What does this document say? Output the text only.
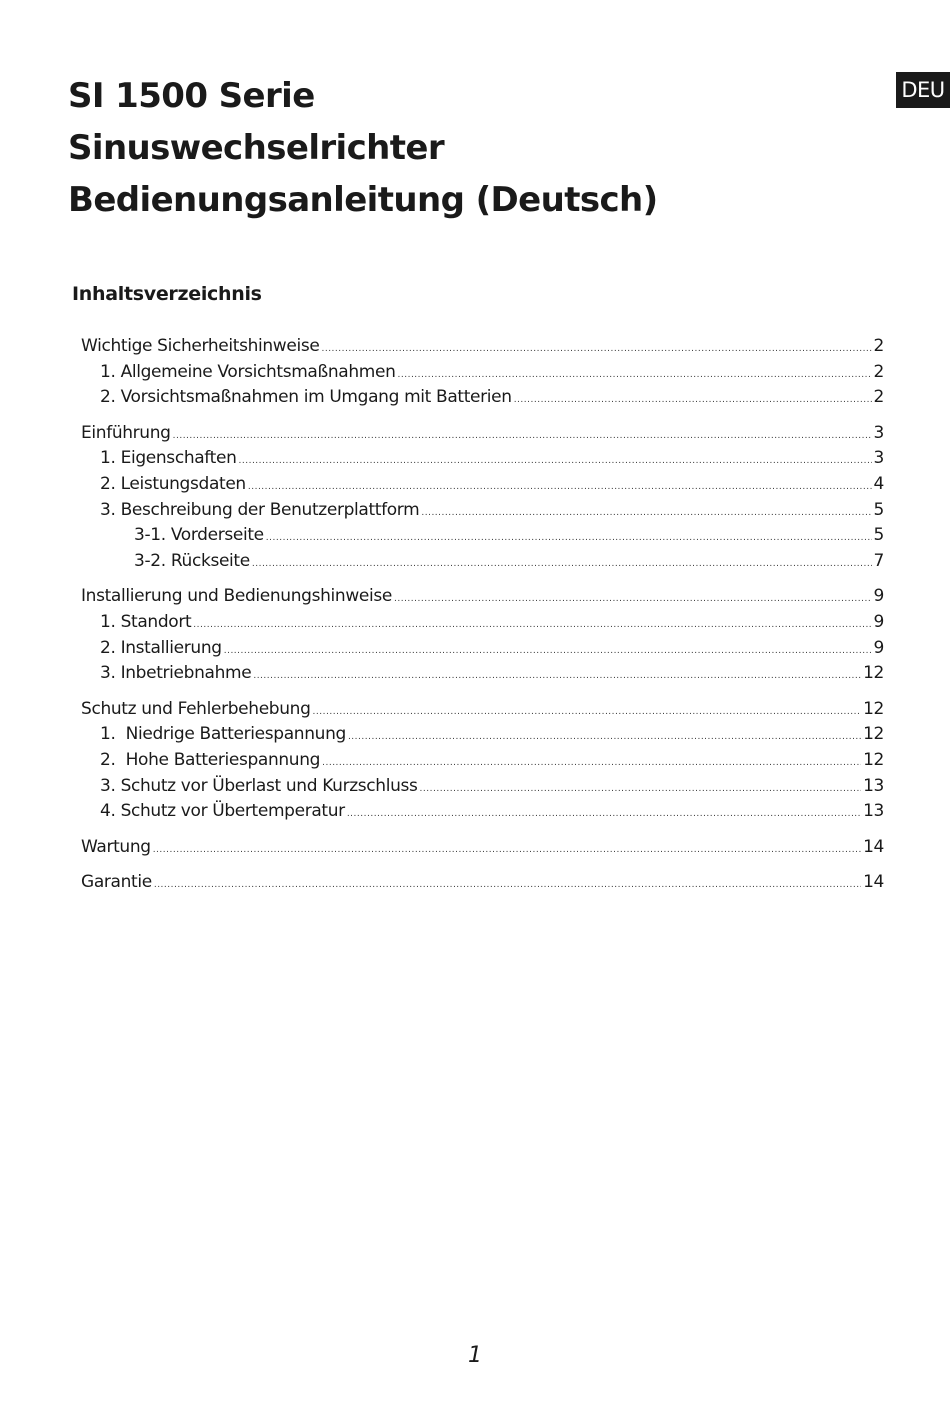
DEU
SI 1500 Serie
Sinuswechselrichter
Bedienungsanleitung (Deutsch)
Inhaltsverzeichnis
Wichtige Sicherheitshinweise .....	2
1. Allgemeine Vorsichtsmaßnahmen .....	2
2. Vorsichtsmaßnahmen im Umgang mit Batterien .....	2
Einführung .....	3
1. Eigenschaften .....	3
2. Leistungsdaten .....	4
3. Beschreibung der Benutzerplattform .....	5
3-1. Vorderseite .....	5
3-2. Rückseite .....	7
Installierung und Bedienungshinweise .....	9
1. Standort .....	9
2. Installierung .....	9
3. Inbetriebnahme .....	12
Schutz und Fehlerbehebung .....	12
1.  Niedrige Batteriespannung .....	12
2.  Hohe Batteriespannung .....	12
3. Schutz vor Überlast und Kurzschluss .....	13
4. Schutz vor Übertemperatur .....	13
Wartung .....	14
Garantie .....	14
1
